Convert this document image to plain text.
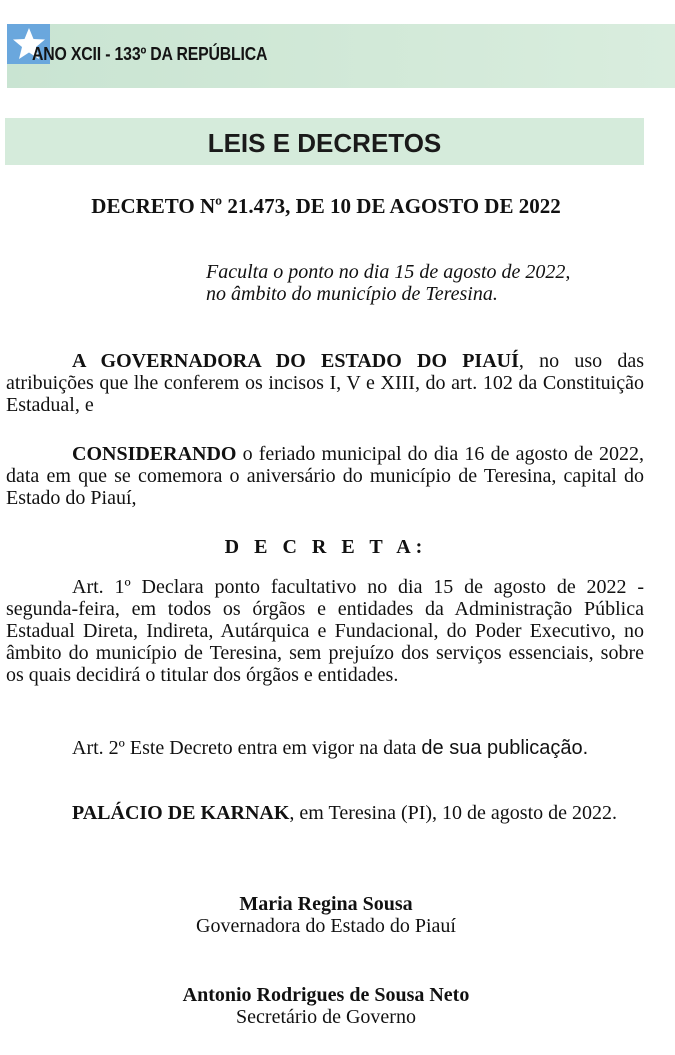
ANO XCII - 133º DA REPÚBLICA
LEIS E DECRETOS
DECRETO Nº 21.473, DE 10 DE AGOSTO DE 2022
Faculta o ponto no dia 15 de agosto de 2022,
no âmbito do município de Teresina.
A GOVERNADORA DO ESTADO DO PIAUÍ, no uso das atribuições que lhe conferem os incisos I, V e XIII, do art. 102 da Constituição Estadual, e
CONSIDERANDO o feriado municipal do dia 16 de agosto de 2022, data em que se comemora o aniversário do município de Teresina, capital do Estado do Piauí,
D E C R E T A:
Art. 1º Declara ponto facultativo no dia 15 de agosto de 2022 - segunda-feira, em todos os órgãos e entidades da Administração Pública Estadual Direta, Indireta, Autárquica e Fundacional, do Poder Executivo, no âmbito do município de Teresina, sem prejuízo dos serviços essenciais, sobre os quais decidirá o titular dos órgãos e entidades.
Art. 2º Este Decreto entra em vigor na data de sua publicação.
PALÁCIO DE KARNAK, em Teresina (PI), 10 de agosto de 2022.
Maria Regina Sousa
Governadora do Estado do Piauí
Antonio Rodrigues de Sousa Neto
Secretário de Governo
